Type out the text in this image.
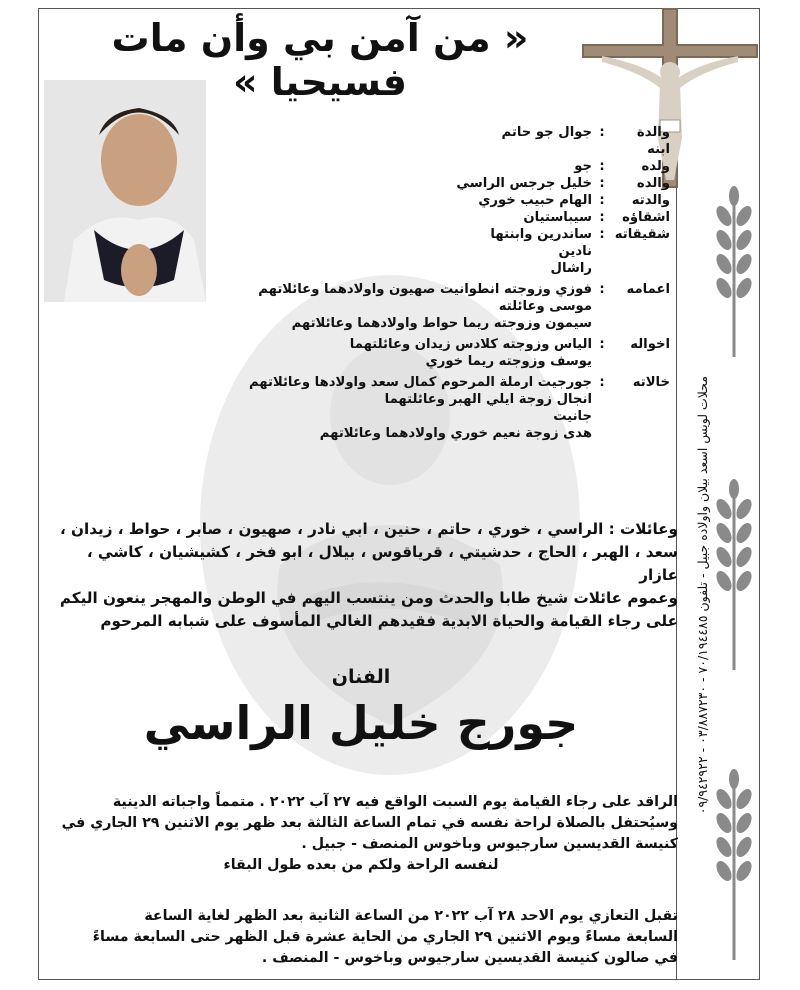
« من آمن بي وأن مات فسيحيا »
محلات لويس اسعد بيلان واولاده جبيل - تلفون ٧٠/١٩٤٤٨٥ - ٠٣/٨٨٧٢٣٠ - ٠٩/٩٤٢٩٢٢
والدة ابنه
:
جوال جو حاتم
ولده
:
جو
والده
:
خليل جرجس الراسي
والدته
:
الهام حبيب خوري
اشقاؤه
:
سيباستيان
شقيقاته
:
ساندرين وابنتها
نادين
راشال
اعمامه
:
فوزي وزوجته انطوانيت صهيون واولادهما وعائلاتهم
موسى وعائلته
سيمون وزوجته ريما حواط واولادهما وعائلاتهم
اخواله
:
الياس وزوجته كلادس زيدان وعائلتهما
يوسف وزوجته ريما خوري
خالاته
:
جورجيت ارملة المرحوم كمال سعد واولادها وعائلاتهم
انجال زوجة ايلي الهبر وعائلتهما
جانيت
هدى زوجة نعيم خوري واولادهما وعائلاتهم
وعائلات : الراسي ، خوري ، حاتم ، حنين ، ابي نادر ، صهيون ، صابر ، حواط ، زيدان ،
سعد ، الهبر ، الحاج ، حدشيتي ، قرياقوس ، بيلال ، ابو فخر ، كشيشيان ، كاشي ، عازار
وعموم عائلات شيخ طابا والحدث ومن ينتسب اليهم في الوطن والمهجر ينعون اليكم
على رجاء القيامة والحياة الابدية فقيدهم الغالي المأسوف على شبابه المرحوم
الفنان
جورج خليل الراسي
الراقد على رجاء القيامة يوم السبت الواقع فيه ٢٧ آب ٢٠٢٢ . متمماً واجباته الدينية
وسيُحتفل بالصلاة لراحة نفسه في تمام الساعة الثالثة بعد ظهر يوم الاثنين ٢٩ الجاري في
كنيسة القديسين سارجيوس وباخوس المنصف - جبيل .
لنفسه الراحة ولكم من بعده طول البقاء
تقبل التعازي يوم الاحد ٢٨ آب ٢٠٢٢ من الساعة الثانية بعد الظهر لغاية الساعة
السابعة مساءً ويوم الاثنين ٢٩ الجاري من الحاية عشرة قبل الظهر حتى السابعة مساءً
في صالون كنيسة القديسين سارجيوس وباخوس - المنصف .
